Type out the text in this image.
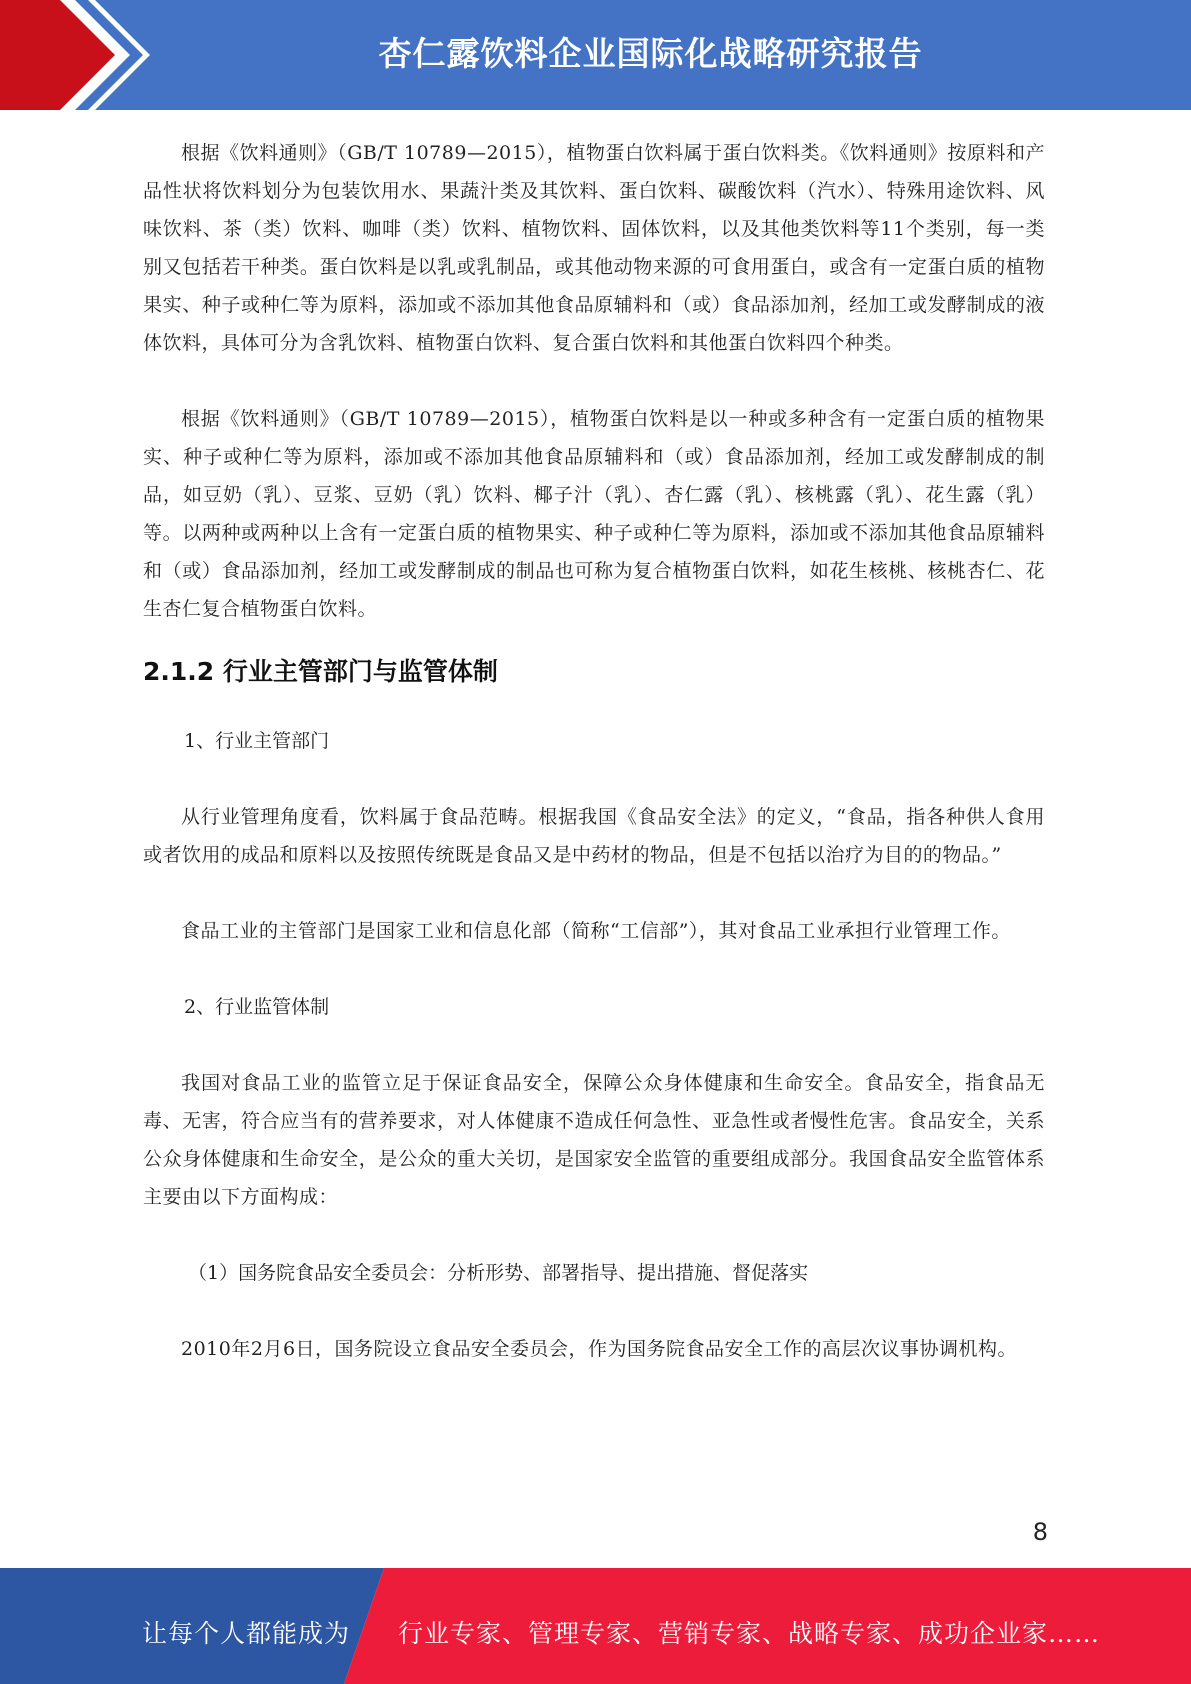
杏仁露饮料企业国际化战略研究报告

根据《饮料通则》（GB/T 10789—2015），植物蛋白饮料属于蛋白饮料类。《饮料通则》按原料和产品性状将饮料划分为包装饮用水、果蔬汁类及其饮料、蛋白饮料、碳酸饮料（汽水）、特殊用途饮料、风味饮料、茶（类）饮料、咖啡（类）饮料、植物饮料、固体饮料，以及其他类饮料等11个类别，每一类别又包括若干种类。蛋白饮料是以乳或乳制品，或其他动物来源的可食用蛋白，或含有一定蛋白质的植物果实、种子或种仁等为原料，添加或不添加其他食品原辅料和（或）食品添加剂，经加工或发酵制成的液体饮料，具体可分为含乳饮料、植物蛋白饮料、复合蛋白饮料和其他蛋白饮料四个种类。

根据《饮料通则》（GB/T 10789—2015），植物蛋白饮料是以一种或多种含有一定蛋白质的植物果实、种子或种仁等为原料，添加或不添加其他食品原辅料和（或）食品添加剂，经加工或发酵制成的制品，如豆奶（乳）、豆浆、豆奶（乳）饮料、椰子汁（乳）、杏仁露（乳）、核桃露（乳）、花生露（乳）等。以两种或两种以上含有一定蛋白质的植物果实、种子或种仁等为原料，添加或不添加其他食品原辅料和（或）食品添加剂，经加工或发酵制成的制品也可称为复合植物蛋白饮料，如花生核桃、核桃杏仁、花生杏仁复合植物蛋白饮料。

2.1.2 行业主管部门与监管体制

1、行业主管部门

从行业管理角度看，饮料属于食品范畴。根据我国《食品安全法》的定义，“食品，指各种供人食用或者饮用的成品和原料以及按照传统既是食品又是中药材的物品，但是不包括以治疗为目的的物品。”

食品工业的主管部门是国家工业和信息化部（简称“工信部”），其对食品工业承担行业管理工作。

2、行业监管体制

我国对食品工业的监管立足于保证食品安全，保障公众身体健康和生命安全。食品安全，指食品无毒、无害，符合应当有的营养要求，对人体健康不造成任何急性、亚急性或者慢性危害。食品安全，关系公众身体健康和生命安全，是公众的重大关切，是国家安全监管的重要组成部分。我国食品安全监管体系主要由以下方面构成：

（1）国务院食品安全委员会：分析形势、部署指导、提出措施、督促落实

2010年2月6日，国务院设立食品安全委员会，作为国务院食品安全工作的高层次议事协调机构。

8
让每个人都能成为 行业专家、管理专家、营销专家、战略专家、成功企业家……
